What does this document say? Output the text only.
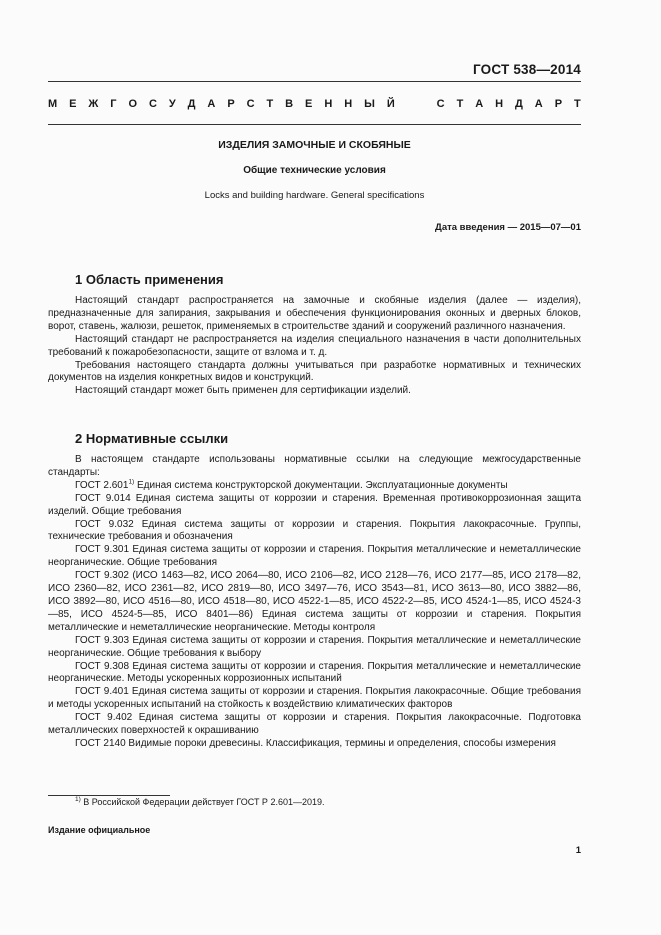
ГОСТ 538—2014
М Е Ж Г О С У Д А Р С Т В Е Н Н Ы Й

	С Т А Н Д А Р Т
ИЗДЕЛИЯ ЗАМОЧНЫЕ И СКОБЯНЫЕ
Общие технические условия
Locks and building hardware. General specifications
Дата введения — 2015—07—01
1 Область применения

Настоящий стандарт распространяется на замочные и скобяные изделия (далее — изделия), предназначенные для запирания, закрывания и обеспечения функционирования оконных и дверных блоков, ворот, ставень, жалюзи, решеток, применяемых в строительстве зданий и сооружений различного назначения.

Настоящий стандарт не распространяется на изделия специального назначения в части дополнительных требований к пожаробезопасности, защите от взлома и т. д.

Требования настоящего стандарта должны учитываться при разработке нормативных и технических документов на изделия конкретных видов и конструкций.

Настоящий стандарт может быть применен для сертификации изделий.

2 Нормативные ссылки

В настоящем стандарте использованы нормативные ссылки на следующие межгосударственные стандарты:

ГОСТ 2.601$^{1)}$ Единая система конструкторской документации. Эксплуатационные документы

ГОСТ 9.014 Единая система защиты от коррозии и старения. Временная противокоррозионная защита изделий. Общие требования

ГОСТ 9.032 Единая система защиты от коррозии и старения. Покрытия лакокрасочные. Группы, технические требования и обозначения

ГОСТ 9.301 Единая система защиты от коррозии и старения. Покрытия металлические и неметаллические неорганические. Общие требования

ГОСТ 9.302 (ИСО 1463—82, ИСО 2064—80, ИСО 2106—82, ИСО 2128—76, ИСО 2177—85, ИСО 2178—82, ИСО 2360—82, ИСО 2361—82, ИСО 2819—80, ИСО 3497—76, ИСО 3543—81, ИСО 3613—80, ИСО 3882—86, ИСО 3892—80, ИСО 4516—80, ИСО 4518—80, ИСО 4522-1—85, ИСО 4522-2—85, ИСО 4524-1—85, ИСО 4524-3—85, ИСО 4524-5—85, ИСО 8401—86) Единая система защиты от коррозии и старения. Покрытия металлические и неметаллические неорганические. Методы контроля

ГОСТ 9.303 Единая система защиты от коррозии и старения. Покрытия металлические и неметаллические неорганические. Общие требования к выбору

ГОСТ 9.308 Единая система защиты от коррозии и старения. Покрытия металлические и неметаллические неорганические. Методы ускоренных коррозионных испытаний

ГОСТ 9.401 Единая система защиты от коррозии и старения. Покрытия лакокрасочные. Общие требования и методы ускоренных испытаний на стойкость к воздействию климатических факторов

ГОСТ 9.402 Единая система защиты от коррозии и старения. Покрытия лакокрасочные. Подготовка металлических поверхностей к окрашиванию

ГОСТ 2140 Видимые пороки древесины. Классификация, термины и определения, способы измерения

$^{1)}$ В Российской Федерации действует ГОСТ Р 2.601—2019.
Издание официальное
1
